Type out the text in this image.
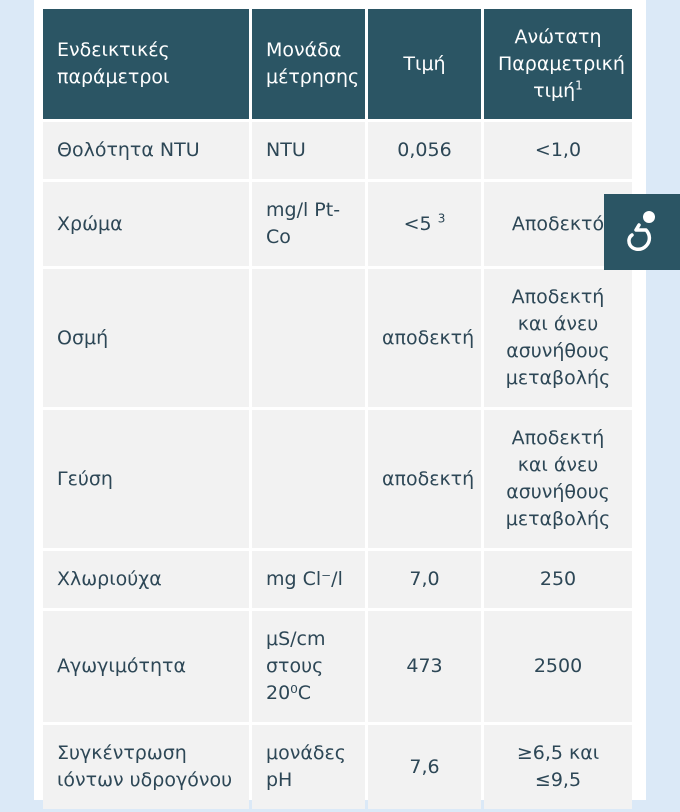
Ενδεικτικές παράμετροι	Μονάδα μέτρησης	Τιμή	Ανώτατη Παραμετρική τιμή$^1$
Θολότητα NTU	NTU	0,056	<1,0
Χρώμα	mg/l Pt-Co	<5 $^3$	Αποδεκτό
Οσμή		αποδεκτή	Αποδεκτή και άνευ ασυνήθους μεταβολής
Γεύση		αποδεκτή	Αποδεκτή και άνευ ασυνήθους μεταβολής
Χλωριούχα	mg Cl⁻/l	7,0	250
Αγωγιμότητα	μS/cm στους 20⁰C	473	2500
Συγκέντρωση ιόντων υδρογόνου	μονάδες pH	7,6	≥6,5 και ≤9,5
